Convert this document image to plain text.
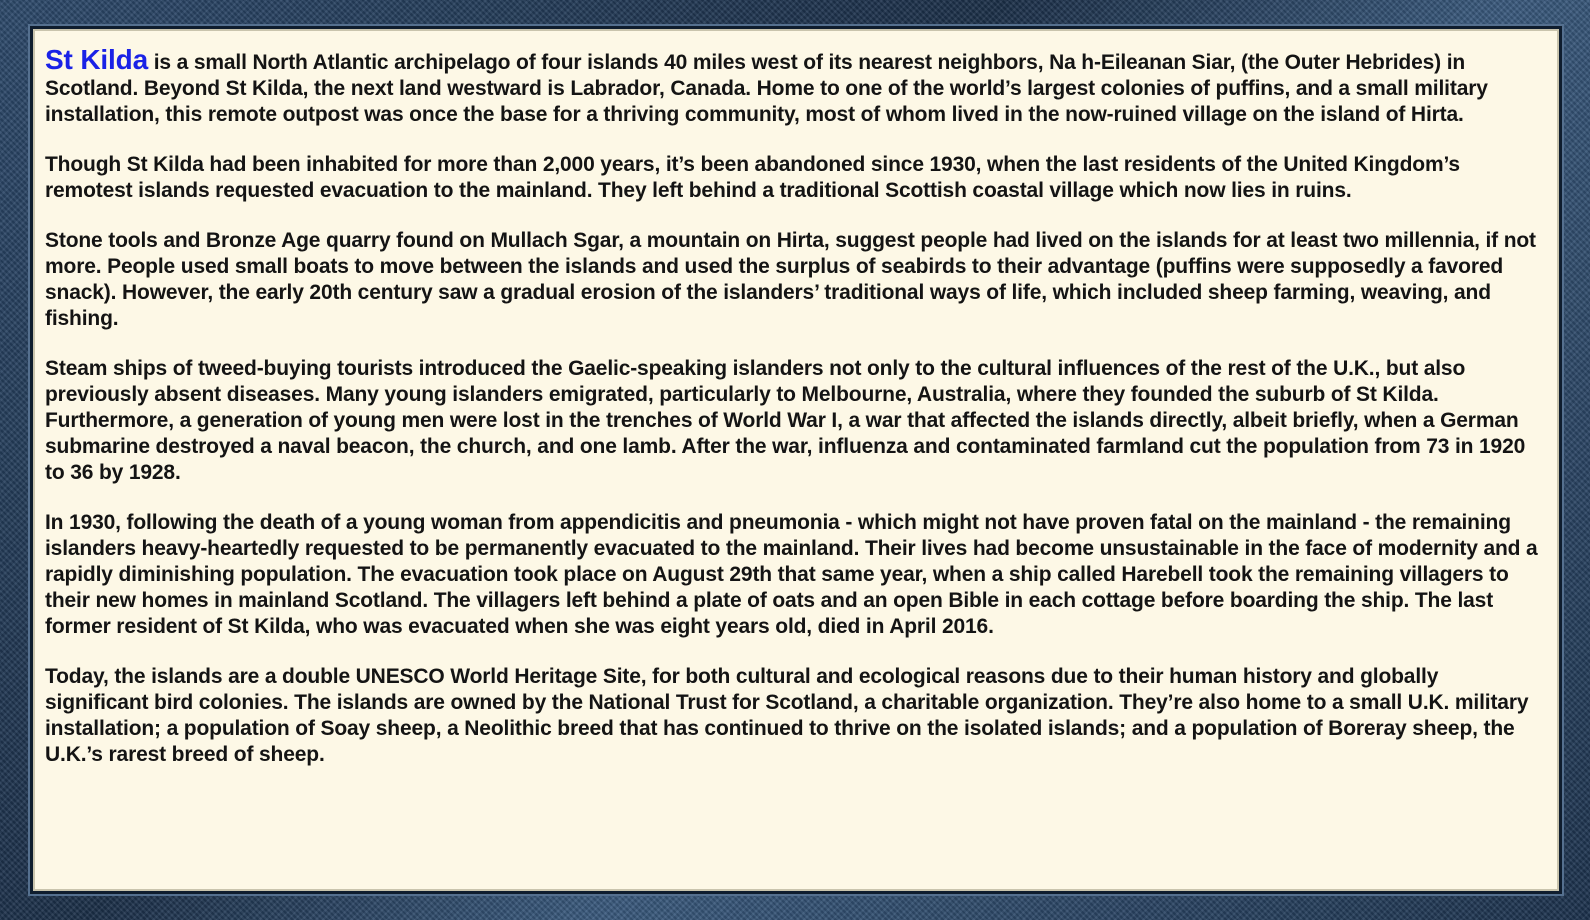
St Kilda is a small North Atlantic archipelago of four islands 40 miles west of its nearest neighbors, Na h-Eileanan Siar, (the Outer Hebrides) in Scotland. Beyond St Kilda, the next land westward is Labrador, Canada. Home to one of the world’s largest colonies of puffins, and a small military installation, this remote outpost was once the base for a thriving community, most of whom lived in the now-ruined village on the island of Hirta.

Though St Kilda had been inhabited for more than 2,000 years, it’s been abandoned since 1930, when the last residents of the United Kingdom’s remotest islands requested evacuation to the mainland. They left behind a traditional Scottish coastal village which now lies in ruins.

Stone tools and Bronze Age quarry found on Mullach Sgar, a mountain on Hirta, suggest people had lived on the islands for at least two millennia, if not more. People used small boats to move between the islands and used the surplus of seabirds to their advantage (puffins were supposedly a favored snack). However, the early 20th century saw a gradual erosion of the islanders’ traditional ways of life, which included sheep farming, weaving, and fishing.

Steam ships of tweed-buying tourists introduced the Gaelic-speaking islanders not only to the cultural influences of the rest of the U.K., but also previously absent diseases. Many young islanders emigrated, particularly to Melbourne, Australia, where they founded the suburb of St Kilda. Furthermore, a generation of young men were lost in the trenches of World War I, a war that affected the islands directly, albeit briefly, when a German submarine destroyed a naval beacon, the church, and one lamb. After the war, influenza and contaminated farmland cut the population from 73 in 1920 to 36 by 1928.

In 1930, following the death of a young woman from appendicitis and pneumonia - which might not have proven fatal on the mainland - the remaining islanders heavy-heartedly requested to be permanently evacuated to the mainland. Their lives had become unsustainable in the face of modernity and a rapidly diminishing population. The evacuation took place on August 29th that same year, when a ship called Harebell took the remaining villagers to their new homes in mainland Scotland. The villagers left behind a plate of oats and an open Bible in each cottage before boarding the ship. The last former resident of St Kilda, who was evacuated when she was eight years old, died in April 2016.

Today, the islands are a double UNESCO World Heritage Site, for both cultural and ecological reasons due to their human history and globally significant bird colonies. The islands are owned by the National Trust for Scotland, a charitable organization. They’re also home to a small U.K. military installation; a population of Soay sheep, a Neolithic breed that has continued to thrive on the isolated islands; and a population of Boreray sheep, the U.K.’s rarest breed of sheep.
